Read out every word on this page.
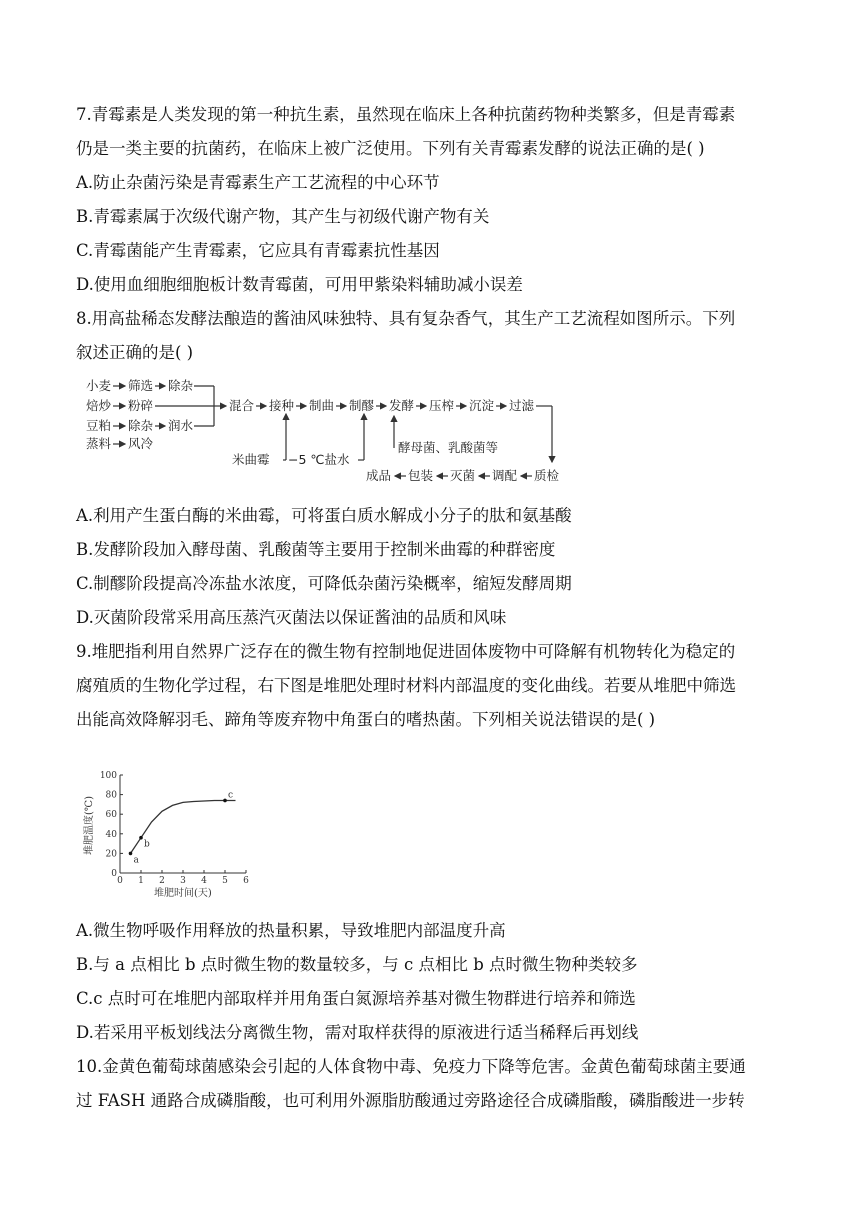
7.青霉素是人类发现的第一种抗生素，虽然现在临床上各种抗菌药物种类繁多，但是青霉素
仍是一类主要的抗菌药，在临床上被广泛使用。下列有关青霉素发酵的说法正确的是( )
A.防止杂菌污染是青霉素生产工艺流程的中心环节
B.青霉素属于次级代谢产物，其产生与初级代谢产物有关
C.青霉菌能产生青霉素，它应具有青霉素抗性基因
D.使用血细胞细胞板计数青霉菌，可用甲紫染料辅助减小误差
8.用高盐稀态发酵法酿造的酱油风味独特、具有复杂香气，其生产工艺流程如图所示。下列
叙述正确的是( )
小麦 筛选 除杂
焙炒 粉碎
豆粕 除杂 润水
蒸料 风冷
混合 接种 制曲 制醪 发酵 压榨 沉淀 过滤
米曲霉 −5 ℃盐水
酵母菌、乳酸菌等
质检
调配
灭菌
包装
成品
A.利用产生蛋白酶的米曲霉，可将蛋白质水解成小分子的肽和氨基酸
B.发酵阶段加入酵母菌、乳酸菌等主要用于控制米曲霉的种群密度
C.制醪阶段提高冷冻盐水浓度，可降低杂菌污染概率，缩短发酵周期
D.灭菌阶段常采用高压蒸汽灭菌法以保证酱油的品质和风味
9.堆肥指利用自然界广泛存在的微生物有控制地促进固体废物中可降解有机物转化为稳定的
腐殖质的生物化学过程，右下图是堆肥处理时材料内部温度的变化曲线。若要从堆肥中筛选
出能高效降解羽毛、蹄角等废弃物中角蛋白的嗜热菌。下列相关说法错误的是( )
0 1 2 3 4 5 6
0
20
40
60
80
100
a
b
c
堆肥时间(天)
堆肥温度(℃)
A.微生物呼吸作用释放的热量积累，导致堆肥内部温度升高
B.与 a 点相比 b 点时微生物的数量较多，与 c 点相比 b 点时微生物种类较多
C.c 点时可在堆肥内部取样并用角蛋白氮源培养基对微生物群进行培养和筛选
D.若采用平板划线法分离微生物，需对取样获得的原液进行适当稀释后再划线
10.金黄色葡萄球菌感染会引起的人体食物中毒、免疫力下降等危害。金黄色葡萄球菌主要通
过 FASH 通路合成磷脂酸，也可利用外源脂肪酸通过旁路途径合成磷脂酸，磷脂酸进一步转
